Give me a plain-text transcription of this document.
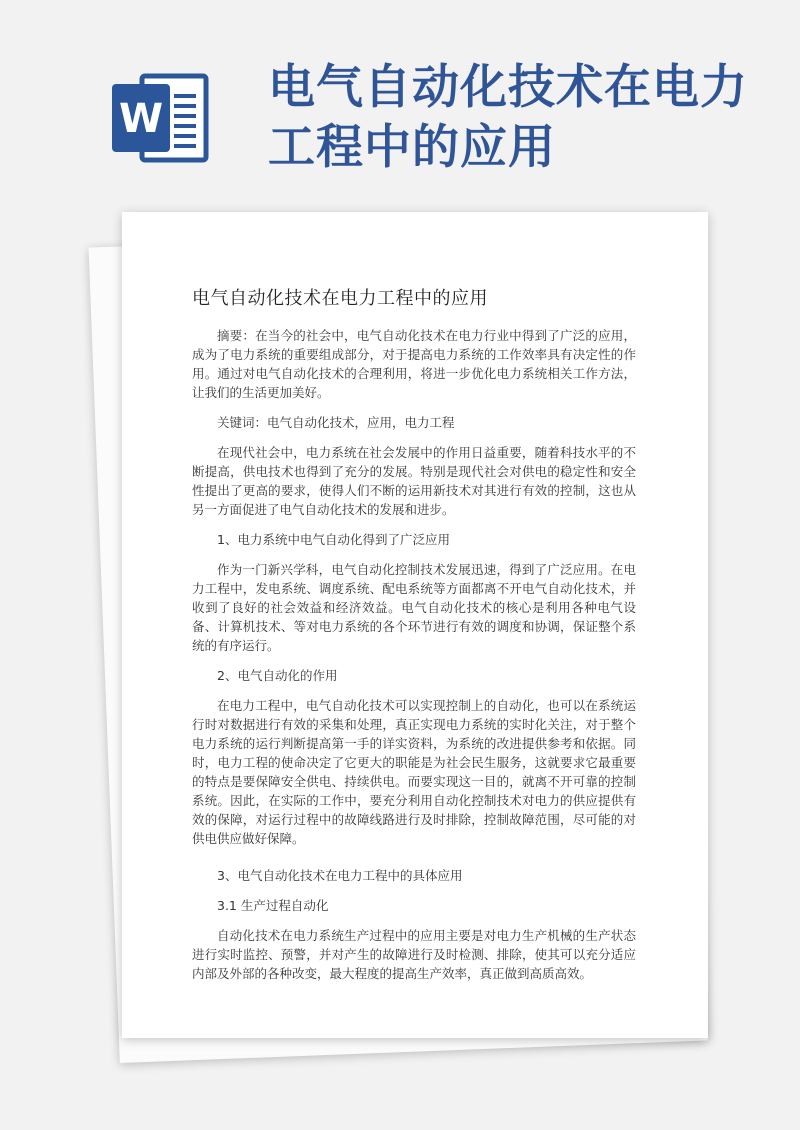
W
电气自动化技术在电力
工程中的应用
电气自动化技术在电力工程中的应用

摘要：在当今的社会中，电气自动化技术在电力行业中得到了广泛的应用，成为了电力系统的重要组成部分，对于提高电力系统的工作效率具有决定性的作用。通过对电气自动化技术的合理利用，将进一步优化电力系统相关工作方法，让我们的生活更加美好。

关键词：电气自动化技术，应用，电力工程

在现代社会中，电力系统在社会发展中的作用日益重要，随着科技水平的不断提高，供电技术也得到了充分的发展。特别是现代社会对供电的稳定性和安全性提出了更高的要求，使得人们不断的运用新技术对其进行有效的控制，这也从另一方面促进了电气自动化技术的发展和进步。

1、电力系统中电气自动化得到了广泛应用

作为一门新兴学科，电气自动化控制技术发展迅速，得到了广泛应用。在电力工程中，发电系统、调度系统、配电系统等方面都离不开电气自动化技术，并收到了良好的社会效益和经济效益。电气自动化技术的核心是利用各种电气设备、计算机技术、等对电力系统的各个环节进行有效的调度和协调，保证整个系统的有序运行。

2、电气自动化的作用

在电力工程中，电气自动化技术可以实现控制上的自动化，也可以在系统运行时对数据进行有效的采集和处理，真正实现电力系统的实时化关注，对于整个电力系统的运行判断提高第一手的详实资料，为系统的改进提供参考和依据。同时，电力工程的使命决定了它更大的职能是为社会民生服务，这就要求它最重要的特点是要保障安全供电、持续供电。而要实现这一目的，就离不开可靠的控制系统。因此，在实际的工作中，要充分利用自动化控制技术对电力的供应提供有效的保障，对运行过程中的故障线路进行及时排除，控制故障范围，尽可能的对供电供应做好保障。

3、电气自动化技术在电力工程中的具体应用

3.1 生产过程自动化

自动化技术在电力系统生产过程中的应用主要是对电力生产机械的生产状态进行实时监控、预警，并对产生的故障进行及时检测、排除，使其可以充分适应内部及外部的各种改变，最大程度的提高生产效率，真正做到高质高效。
